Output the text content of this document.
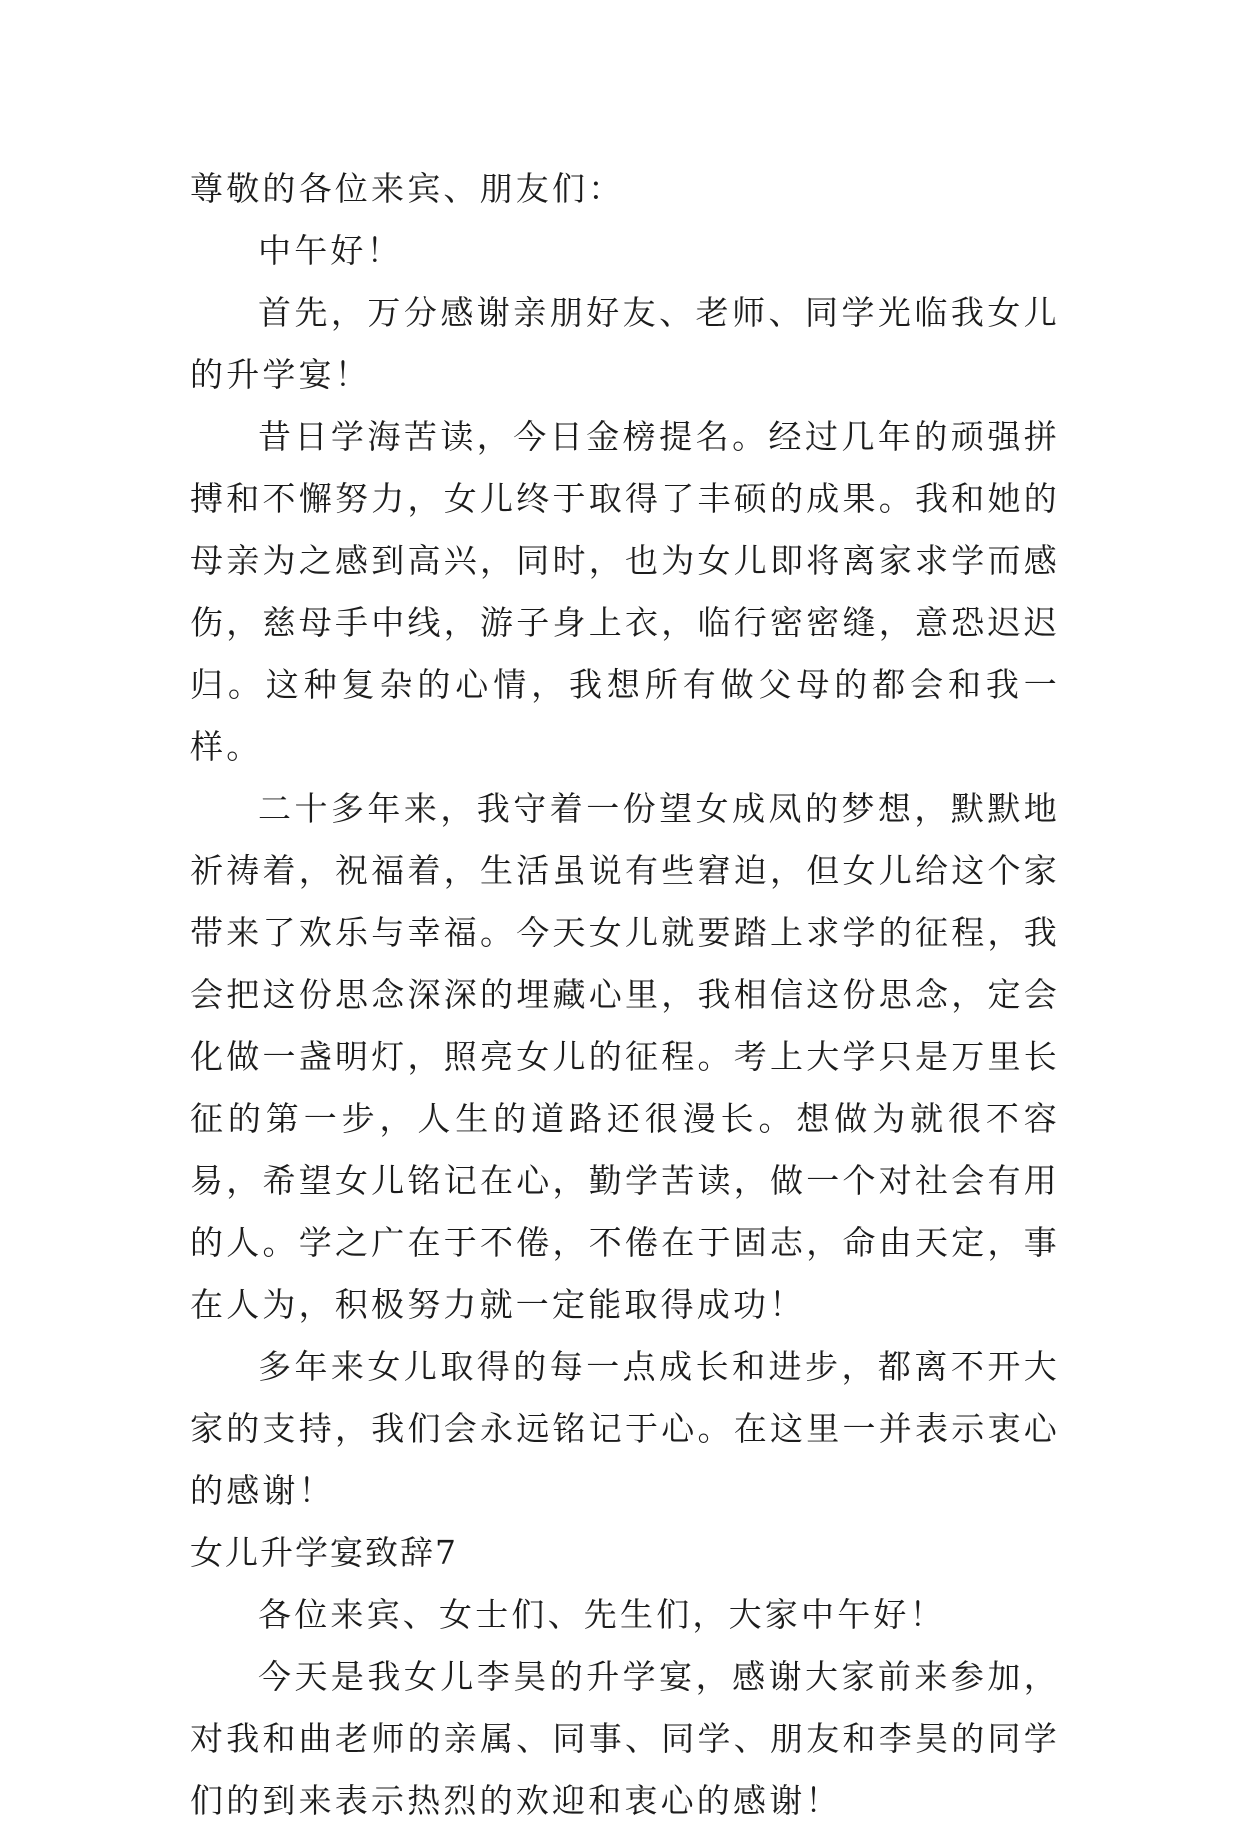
尊敬的各位来宾、朋友们：

中午好！

首先，万分感谢亲朋好友、老师、同学光临我女儿的升学宴！

昔日学海苦读，今日金榜提名。经过几年的顽强拼搏和不懈努力，女儿终于取得了丰硕的成果。我和她的母亲为之感到高兴，同时，也为女儿即将离家求学而感伤，慈母手中线，游子身上衣，临行密密缝，意恐迟迟归。这种复杂的心情，我想所有做父母的都会和我一样。

二十多年来，我守着一份望女成凤的梦想，默默地祈祷着，祝福着，生活虽说有些窘迫，但女儿给这个家带来了欢乐与幸福。今天女儿就要踏上求学的征程，我会把这份思念深深的埋藏心里，我相信这份思念，定会化做一盏明灯，照亮女儿的征程。考上大学只是万里长征的第一步，人生的道路还很漫长。想做为就很不容易，希望女儿铭记在心，勤学苦读，做一个对社会有用的人。学之广在于不倦，不倦在于固志，命由天定，事在人为，积极努力就一定能取得成功！

多年来女儿取得的每一点成长和进步，都离不开大家的支持，我们会永远铭记于心。在这里一并表示衷心的感谢！

女儿升学宴致辞7

各位来宾、女士们、先生们，大家中午好！

今天是我女儿李昊的升学宴，感谢大家前来参加，对我和曲老师的亲属、同事、同学、朋友和李昊的同学们的到来表示热烈的欢迎和衷心的感谢！
